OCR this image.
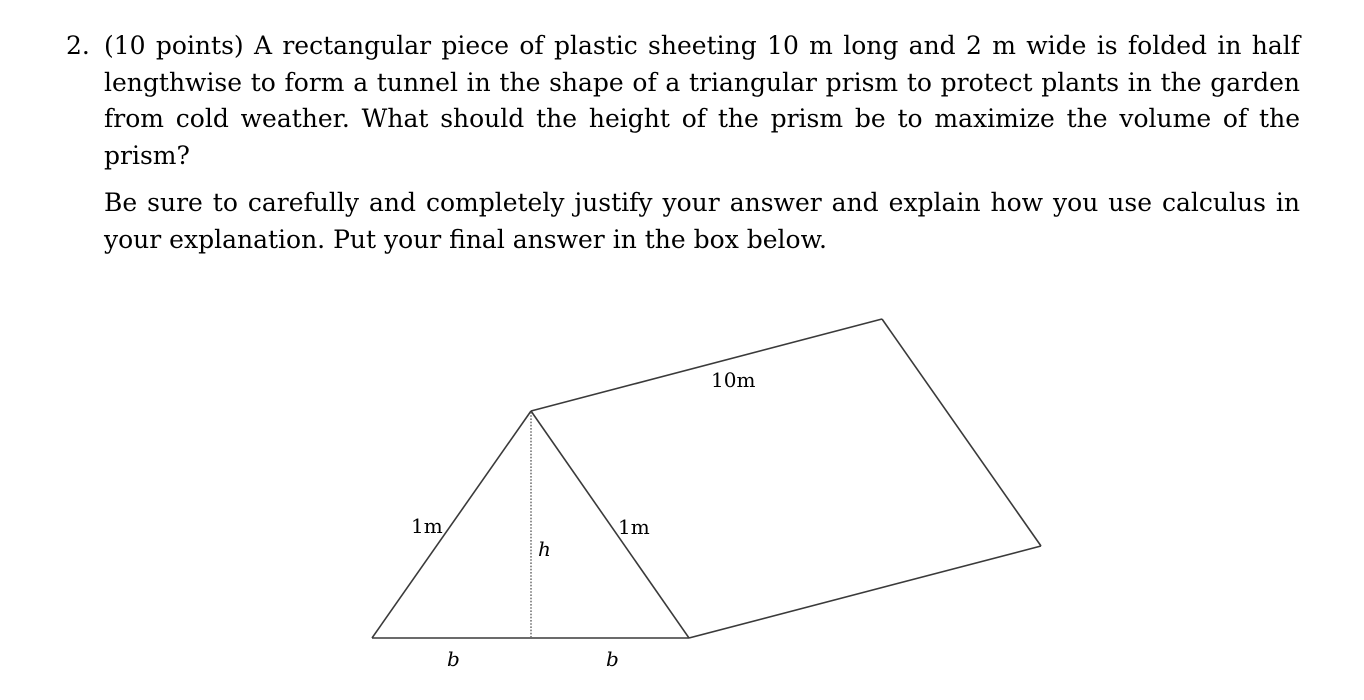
2. (10 points) A rectangular piece of plastic sheeting 10 m long and 2 m wide is folded in half lengthwise to form a tunnel in the shape of a triangular prism to protect plants in the garden from cold weather. What should the height of the prism be to maximize the volume of the prism?

Be sure to carefully and completely justify your answer and explain how you use calculus in your explanation. Put your final answer in the box below.

10m
1m	1m
h
b	b
